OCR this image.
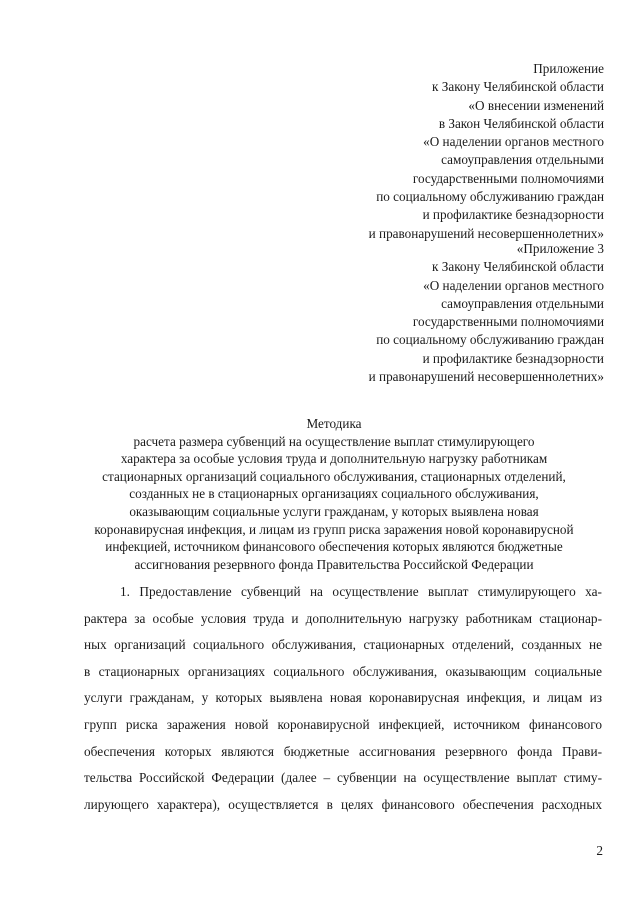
Приложение
к Закону Челябинской области
«О внесении изменений
в Закон Челябинской области
«О наделении органов местного
самоуправления отдельными
государственными полномочиями
по социальному обслуживанию граждан
и профилактике безнадзорности
и правонарушений несовершеннолетних»
«Приложение 3
к Закону Челябинской области
«О наделении органов местного
самоуправления отдельными
государственными полномочиями
по социальному обслуживанию граждан
и профилактике безнадзорности
и правонарушений несовершеннолетних»
Методика
расчета размера субвенций на осуществление выплат стимулирующего
характера за особые условия труда и дополнительную нагрузку работникам
стационарных организаций социального обслуживания, стационарных отделений,
созданных не в стационарных организациях социального обслуживания,
оказывающим социальные услуги гражданам, у которых выявлена новая
коронавирусная инфекция, и лицам из групп риска заражения новой коронавирусной
инфекцией, источником финансового обеспечения которых являются бюджетные
ассигнования резервного фонда Правительства Российской Федерации
1. Предоставление субвенций на осуществление выплат стимулирующего ха-
рактера за особые условия труда и дополнительную нагрузку работникам стационар-
ных организаций социального обслуживания, стационарных отделений, созданных не
в стационарных организациях социального обслуживания, оказывающим социальные
услуги гражданам, у которых выявлена новая коронавирусная инфекция, и лицам из
групп риска заражения новой коронавирусной инфекцией, источником финансового
обеспечения которых являются бюджетные ассигнования резервного фонда Прави-
тельства Российской Федерации (далее – субвенции на осуществление выплат стиму-
лирующего характера), осуществляется в целях финансового обеспечения расходных
2
